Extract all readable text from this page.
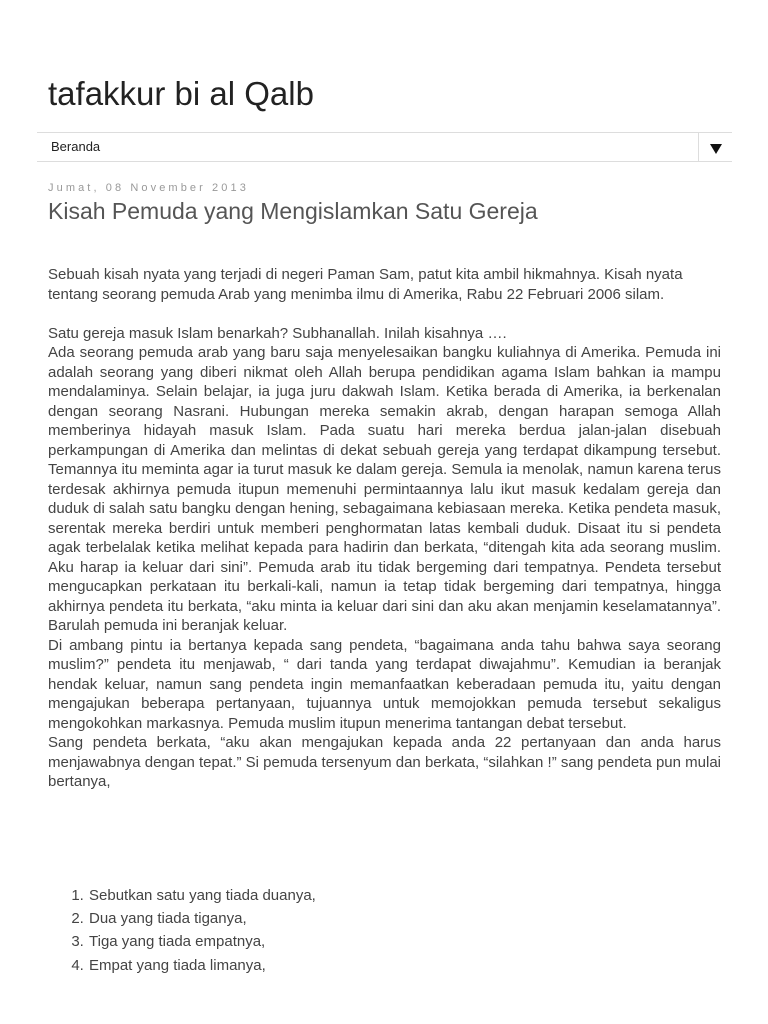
tafakkur bi al Qalb
Beranda
Jumat, 08 November 2013
Kisah Pemuda yang Mengislamkan Satu Gereja

Sebuah kisah nyata yang terjadi di negeri Paman Sam, patut kita ambil hikmahnya. Kisah nyata tentang seorang pemuda Arab yang menimba ilmu di Amerika, Rabu 22 Februari 2006 silam.

Satu gereja masuk Islam benarkah? Subhanallah. Inilah kisahnya ….

Ada seorang pemuda arab yang baru saja menyelesaikan bangku kuliahnya di Amerika. Pemuda ini adalah seorang yang diberi nikmat oleh Allah berupa pendidikan agama Islam bahkan ia mampu mendalaminya. Selain belajar, ia juga juru dakwah Islam. Ketika berada di Amerika, ia berkenalan dengan seorang Nasrani. Hubungan mereka semakin akrab, dengan harapan semoga Allah memberinya hidayah masuk Islam. Pada suatu hari mereka berdua jalan-jalan disebuah perkampungan di Amerika dan melintas di dekat sebuah gereja yang terdapat dikampung tersebut. Temannya itu meminta agar ia turut masuk ke dalam gereja. Semula ia menolak, namun karena terus terdesak akhirnya pemuda itupun memenuhi permintaannya lalu ikut masuk kedalam gereja dan duduk di salah satu bangku dengan hening, sebagaimana kebiasaan mereka. Ketika pendeta masuk, serentak mereka berdiri untuk memberi penghormatan latas kembali duduk. Disaat itu si pendeta agak terbelalak ketika melihat kepada para hadirin dan berkata, “ditengah kita ada seorang muslim. Aku harap ia keluar dari sini”. Pemuda arab itu tidak bergeming dari tempatnya. Pendeta tersebut mengucapkan perkataan itu berkali-kali, namun ia tetap tidak bergeming dari tempatnya, hingga akhirnya pendeta itu berkata, “aku minta ia keluar dari sini dan aku akan menjamin keselamatannya”. Barulah pemuda ini beranjak keluar.

Di ambang pintu ia bertanya kepada sang pendeta, “bagaimana anda tahu bahwa saya seorang muslim?” pendeta itu menjawab, “ dari tanda yang terdapat diwajahmu”. Kemudian ia beranjak hendak keluar, namun sang pendeta ingin memanfaatkan keberadaan pemuda itu, yaitu dengan mengajukan beberapa pertanyaan, tujuannya untuk memojokkan pemuda tersebut sekaligus mengokohkan markasnya. Pemuda muslim itupun menerima tantangan debat tersebut.

Sang pendeta berkata, “aku akan mengajukan kepada anda 22 pertanyaan dan anda harus menjawabnya dengan tepat.” Si pemuda tersenyum dan berkata, “silahkan !” sang pendeta pun mulai bertanya,

1. Sebutkan satu yang tiada duanya,
2. Dua yang tiada tiganya,
3. Tiga yang tiada empatnya,
4. Empat yang tiada limanya,
